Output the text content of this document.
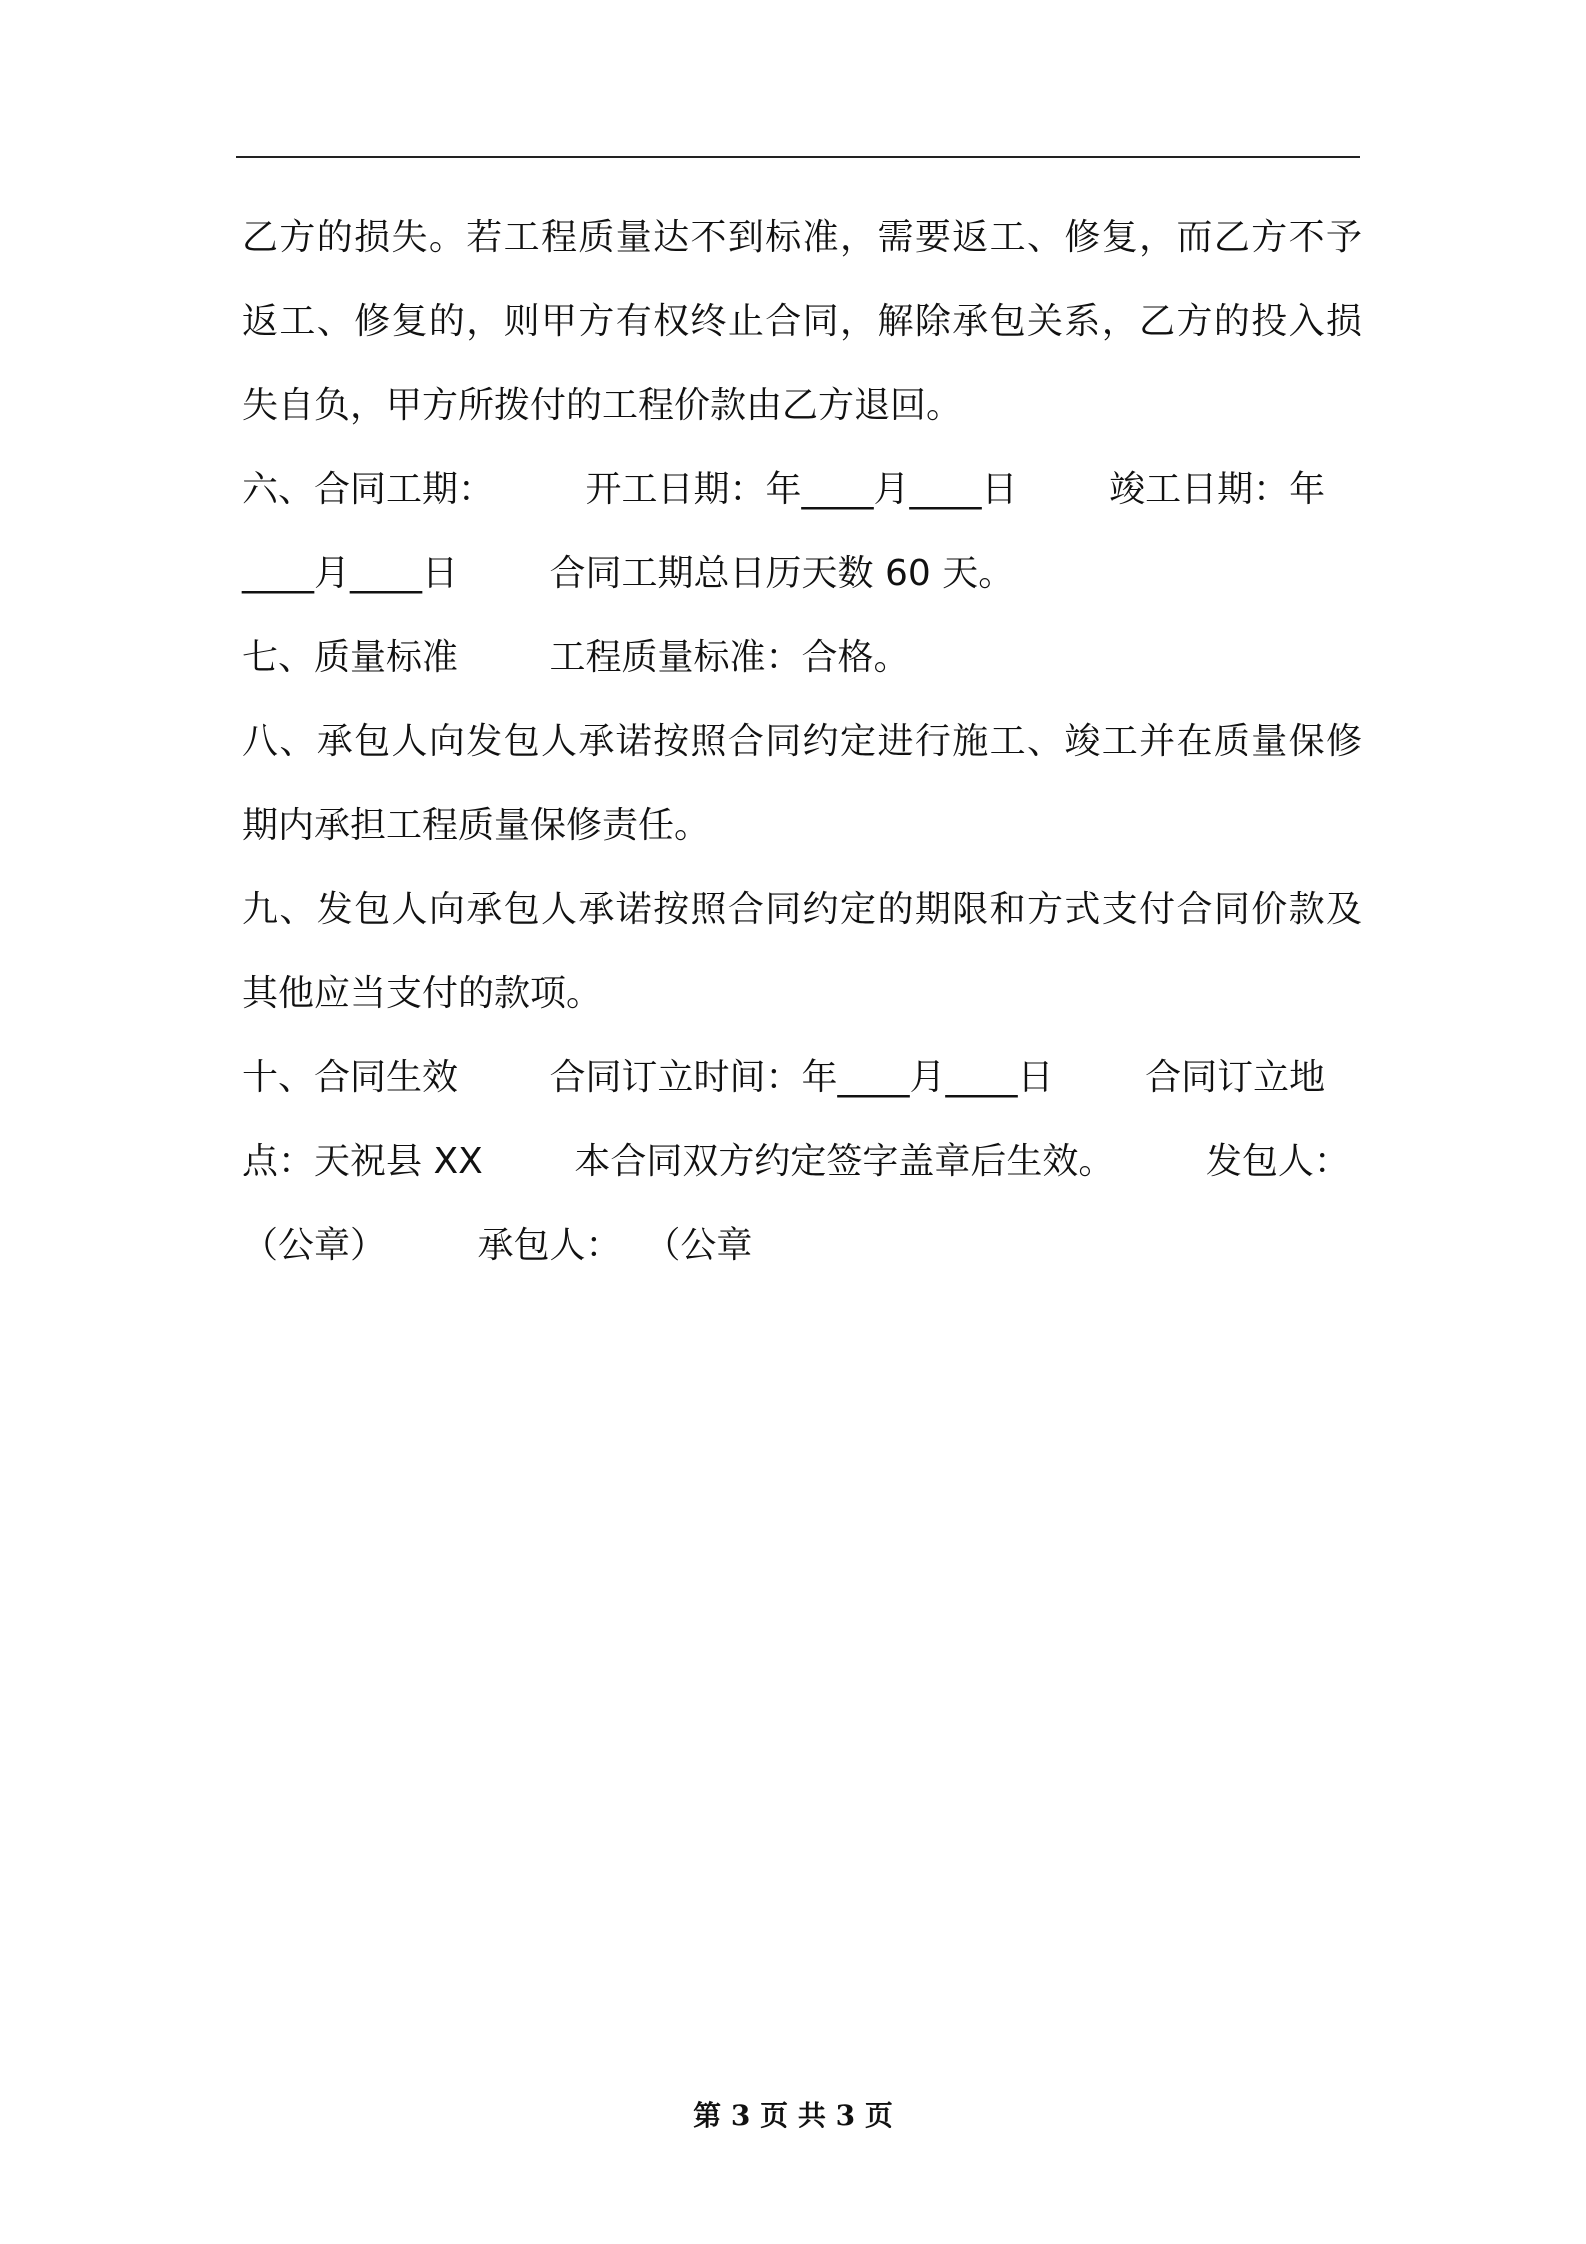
乙方的损失。若工程质量达不到标准，需要返工、修复，而乙方不予
返工、修复的，则甲方有权终止合同，解除承包关系，乙方的投入损
失自负，甲方所拨付的工程价款由乙方退回。
六、合同工期：        开工日期：年____月____日        竣工日期：年
____月____日        合同工期总日历天数 60 天。
七、质量标准        工程质量标准：合格。
八、承包人向发包人承诺按照合同约定进行施工、竣工并在质量保修
期内承担工程质量保修责任。
九、发包人向承包人承诺按照合同约定的期限和方式支付合同价款及
其他应当支付的款项。
十、合同生效        合同订立时间：年____月____日        合同订立地
点：天祝县 XX        本合同双方约定签字盖章后生效。        发包人：
（公章）        承包人：  （公章
第 3 页 共 3 页
